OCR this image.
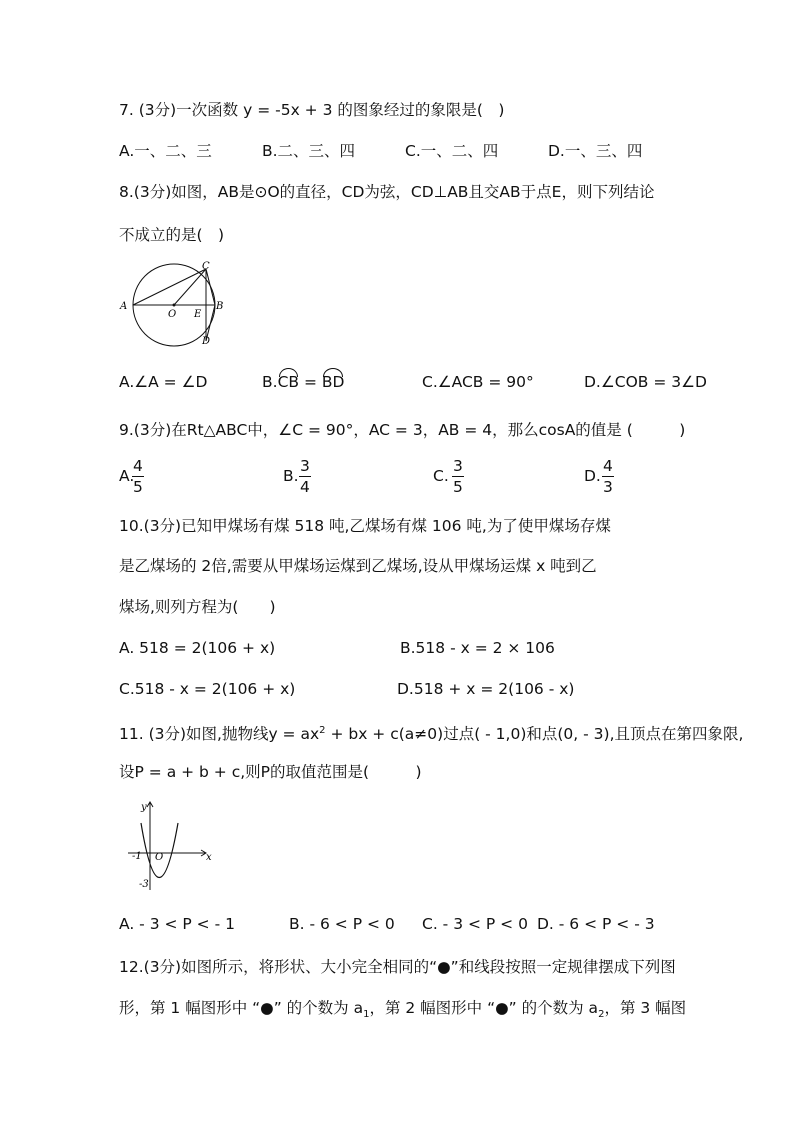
7. (3分)一次函数 y = -5x + 3 的图象经过的象限是(　)
A.一、二、三	B.二、三、四	C.一、二、四	D.一、三、四
8.(3分)如图，AB是⊙O的直径，CD为弦，CD⊥AB且交AB于点E，则下列结论
不成立的是(　)
A
C
B
D
O E
A.∠A = ∠D	B.CB = BD	C.∠ACB = 90°	D.∠COB = 3∠D
9.(3分)在Rt△ABC中，∠C = 90°，AC = 3，AB = 4，那么cosA的值是 (　　　)
A.
$\frac{4}{5}$	B. $\frac{3}{4}$	C. $\frac{3}{5}$	D. $\frac{4}{3}$
10.(3分)已知甲煤场有煤 518 吨,乙煤场有煤 106 吨,为了使甲煤场存煤
是乙煤场的 2倍,需要从甲煤场运煤到乙煤场,设从甲煤场运煤 x 吨到乙
煤场,则列方程为(　　)
A. 518 = 2(106 + x)	B.518 - x = 2 × 106
C.518 - x = 2(106 + x)	D.518 + x = 2(106 - x)
11. (3分)如图,抛物线$y = ax^2$ + bx + c(a≠0)过点( - 1,0)和点(0, - 3),且顶点在第四象限,
设P = a + b + c,则P的取值范围是(　　　)
y
x
-1 O
-3
A. - 3 < P < - 1	B. - 6 < P < 0 C. - 3 < P < 0 D. - 6 < P < - 3
12.(3分)如图所示，将形状、大小完全相同的“●”和线段按照一定规律摆成下列图
形，第 1 幅图形中 “●” 的个数为 $a_1$，第 2 幅图形中 “●” 的个数为 $a_2$，第 3 幅图
